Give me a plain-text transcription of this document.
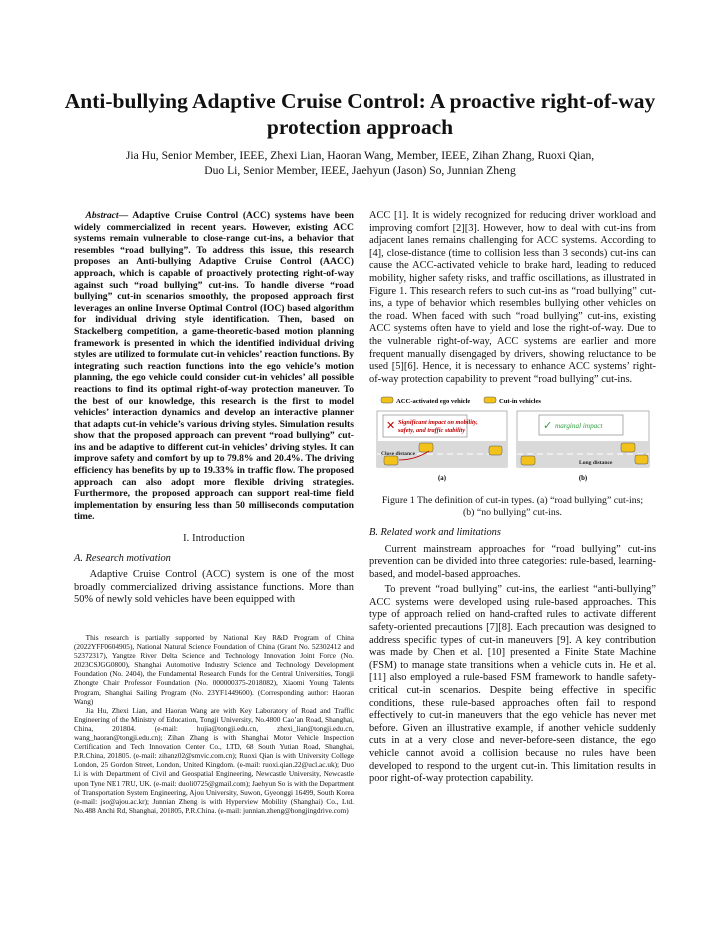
Anti-bullying Adaptive Cruise Control: A proactive right-of-way protection approach
Jia Hu, Senior Member, IEEE, Zhexi Lian, Haoran Wang, Member, IEEE, Zihan Zhang, Ruoxi Qian,
Duo Li, Senior Member, IEEE, Jaehyun (Jason) So, Junnian Zheng

Abstract— Adaptive Cruise Control (ACC) systems have been widely commercialized in recent years. However, existing ACC systems remain vulnerable to close-range cut-ins, a behavior that resembles “road bullying”. To address this issue, this research proposes an Anti-bullying Adaptive Cruise Control (AACC) approach, which is capable of proactively protecting right-of-way against such “road bullying” cut-ins. To handle diverse “road bullying” cut-in scenarios smoothly, the proposed approach first leverages an online Inverse Optimal Control (IOC) based algorithm for individual driving style identification. Then, based on Stackelberg competition, a game-theoretic-based motion planning framework is presented in which the identified individual driving styles are utilized to formulate cut-in vehicles’ reaction functions. By integrating such reaction functions into the ego vehicle’s motion planning, the ego vehicle could consider cut-in vehicles’ all possible reactions to find its optimal right-of-way protection maneuver. To the best of our knowledge, this research is the first to model vehicles’ interaction dynamics and develop an interactive planner that adapts cut-in vehicle’s various driving styles. Simulation results show that the proposed approach can prevent “road bullying” cut-ins and be adaptive to different cut-in vehicles’ driving styles. It can improve safety and comfort by up to 79.8% and 20.4%. The driving efficiency has benefits by up to 19.33% in traffic flow. The proposed approach can also adopt more flexible driving strategies. Furthermore, the proposed approach can support real-time field implementation by ensuring less than 50 milliseconds computation time.

I. Introduction
A. Research motivation

Adaptive Cruise Control (ACC) system is one of the most broadly commercialized driving assistance functions. More than 50% of newly sold vehicles have been equipped with

This research is partially supported by National Key R&D Program of China (2022YFF0604905), National Natural Science Foundation of China (Grant No. 52302412 and 52372317), Yangtze River Delta Science and Technology Innovation Joint Force (No. 2023CSJGG0800), Shanghai Automotive Industry Science and Technology Development Foundation (No. 2404), the Fundamental Research Funds for the Central Universities, Tongji Zhongte Chair Professor Foundation (No. 000000375-2018082), Xiaomi Young Talents Program, Shanghai Sailing Program (No. 23YF1449600). (Corresponding author: Haoran Wang)

Jia Hu, Zhexi Lian, and Haoran Wang are with Key Laboratory of Road and Traffic Engineering of the Ministry of Education, Tongji University, No.4800 Cao’an Road, Shanghai, China, 201804. (e-mail: hujia@tongji.edu.cn, zhexi_lian@tongji.edu.cn, wang_haoran@tongji.edu.cn); Zihan Zhang is with Shanghai Motor Vehicle Inspection Certification and Tech Innovation Center Co., LTD, 68 South Yutian Road, Shanghai, P.R.China, 201805. (e-mail: zihanz02@smvic.com.cn); Ruoxi Qian is with University College London, 25 Gordon Street, London, United Kingdom. (e-mail: ruoxi.qian.22@ucl.ac.uk); Duo Li is with Department of Civil and Geospatial Engineering, Newcastle University, Newcastle upon Tyne NE1 7RU, UK. (e-mail: duoli0725@gmail.com); Jaehyun So is with the Department of Transportation System Engineering, Ajou University, Suwon, Gyeonggi 16499, South Korea (e-mail: jso@ajou.ac.kr); Junnian Zheng is with Hyperview Mobility (Shanghai) Co., Ltd. No.488 Anchi Rd, Shanghai, 201805, P.R.China. (e-mail: junnian.zheng@hongjingdrive.com)

ACC [1]. It is widely recognized for reducing driver workload and improving comfort [2][3]. However, how to deal with cut-ins from adjacent lanes remains challenging for ACC systems. According to [4], close-distance (time to collision less than 3 seconds) cut-ins can cause the ACC-activated vehicle to brake hard, leading to reduced mobility, higher safety risks, and traffic oscillations, as illustrated in Figure 1. This research refers to such cut-ins as “road bullying” cut-ins, a type of behavior which resembles bullying other vehicles on the road. When faced with such “road bullying” cut-ins, existing ACC systems often have to yield and lose the right-of-way. Due to the vulnerable right-of-way, ACC systems are earlier and more frequent manually disengaged by drivers, showing reluctance to be used [5][6]. Hence, it is necessary to enhance ACC systems’ right-of-way protection capability to prevent “road bullying” cut-ins.

ACC-activated ego vehicle	Cut-in vehicles
✕ Significant impact on mobility, safety, and traffic stability
Close distance
(a)
✓ marginal impact
Long distance
(b)
Figure 1 The definition of cut-in types. (a) “road bullying” cut-ins; (b) “no bullying” cut-ins.
B. Related work and limitations

Current mainstream approaches for “road bullying” cut-ins prevention can be divided into three categories: rule-based, learning-based, and model-based approaches.

To prevent “road bullying” cut-ins, the earliest “anti-bullying” ACC systems were developed using rule-based approaches. This type of approach relied on hand-crafted rules to activate different safety-oriented precautions [7][8]. Each precaution was designed to address specific types of cut-in maneuvers [9]. A key contribution was made by Chen et al. [10] presented a Finite State Machine (FSM) to manage state transitions when a vehicle cuts in. He et al. [11] also employed a rule-based FSM framework to handle safety-critical cut-in scenarios. Despite being effective in specific conditions, these rule-based approaches often fail to respond effectively to cut-in maneuvers that the ego vehicle has never met before. Given an illustrative example, if another vehicle suddenly cuts in at a very close and never-before-seen distance, the ego vehicle cannot avoid a collision because no rules have been developed to respond to the urgent cut-in. This limitation results in poor right-of-way protection capability.
